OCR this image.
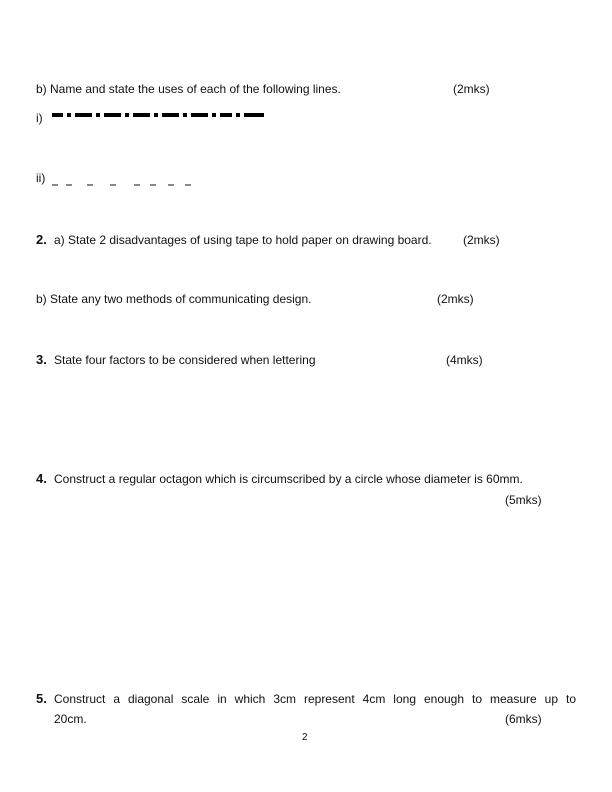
b) Name and state the uses of each of the following lines.	(2mks)
i)
ii)
2. a) State 2 disadvantages of using tape to hold paper on drawing board.	(2mks)
b) State any two methods of communicating design.	(2mks)
3. State four factors to be considered when lettering	(4mks)
4. Construct a regular octagon which is circumscribed by a circle whose diameter is 60mm.
(5mks)
5. Construct a diagonal scale in which 3cm represent 4cm long enough to measure up to
20cm.	(6mks)
2
